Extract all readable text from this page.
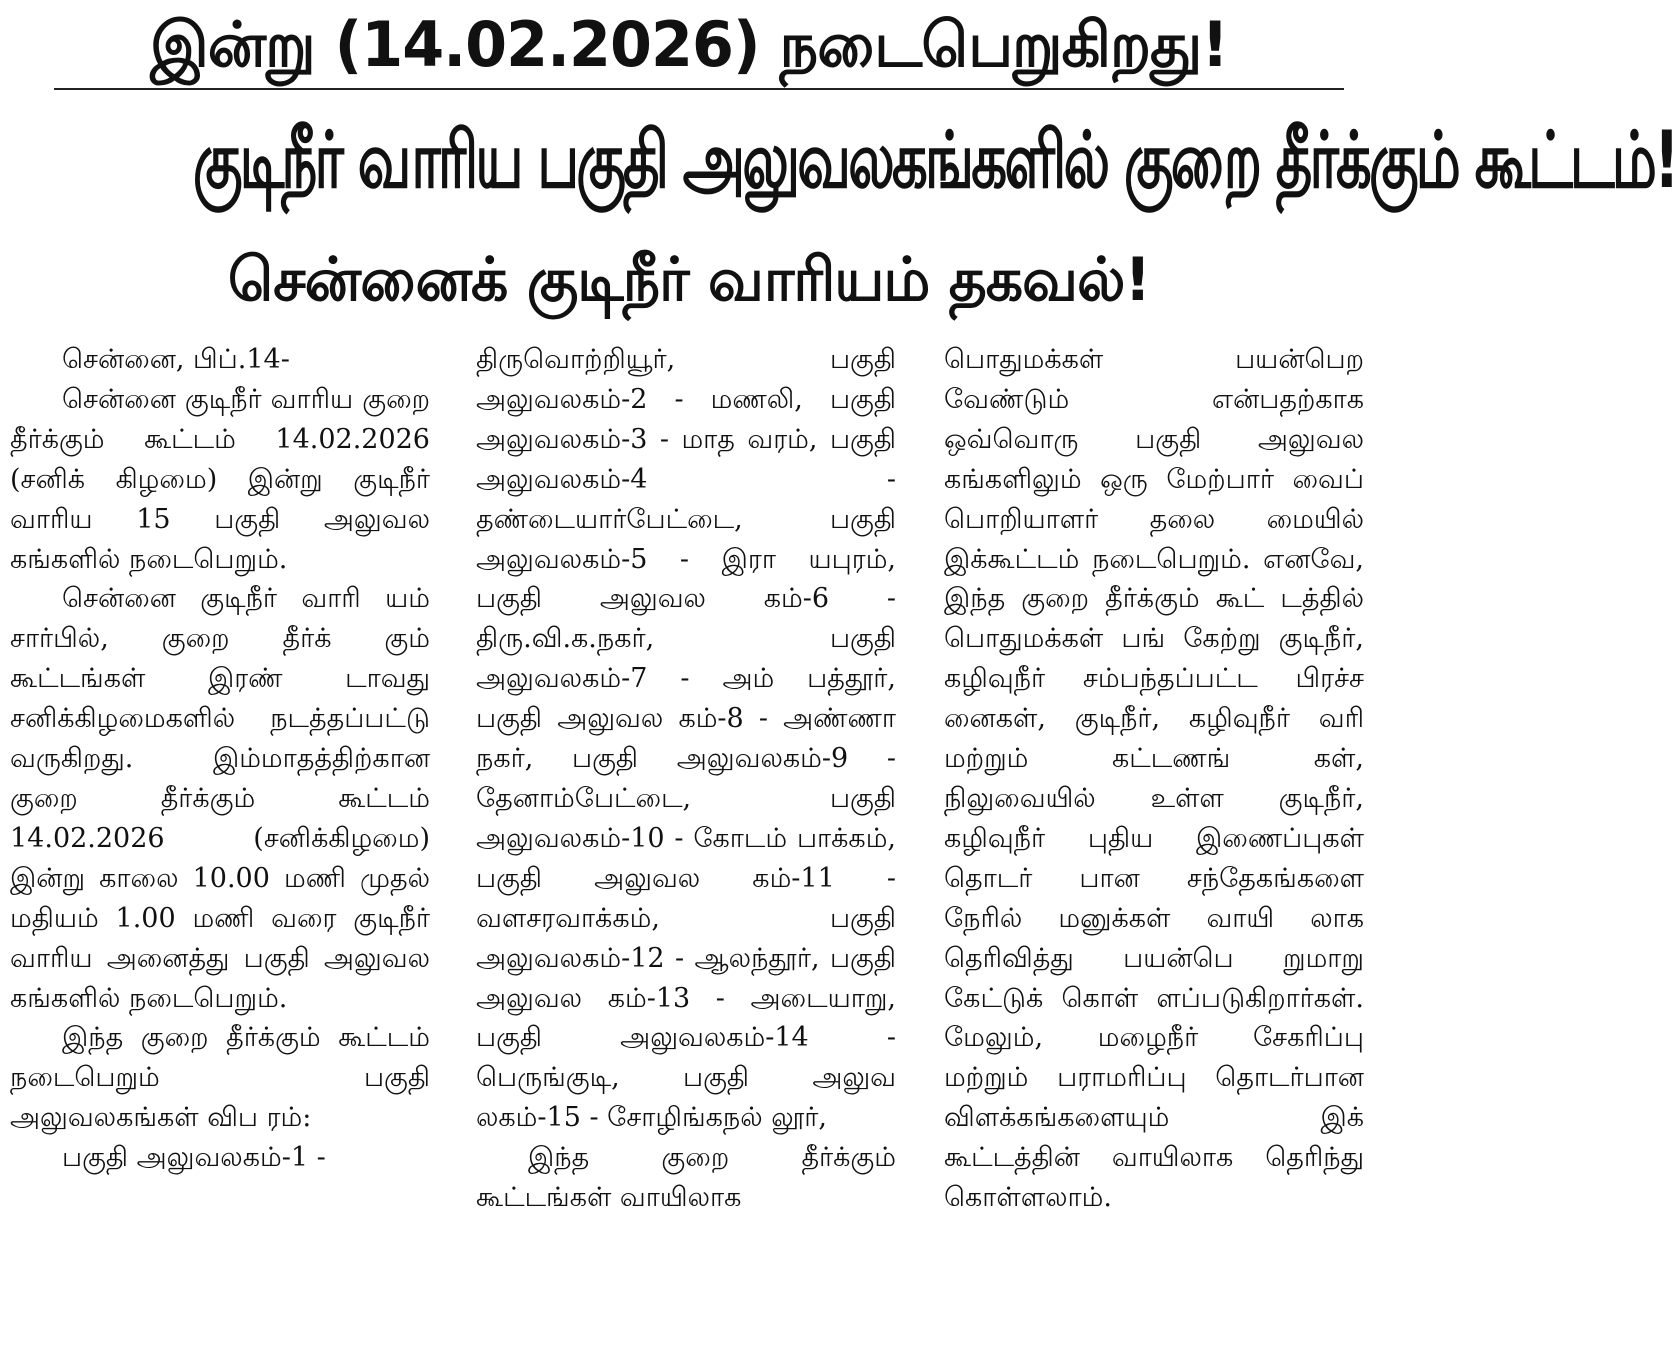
இன்று (14.02.2026) நடைபெறுகிறது!
குடிநீர் வாரிய பகுதி அலுவலகங்களில் குறை தீர்க்கும் கூட்டம்!
சென்னைக் குடிநீர் வாரியம் தகவல்!

சென்னை, பிப்.14-

சென்னை குடிநீர் வாரிய குறை தீர்க்கும் கூட்டம் 14.02.2026 (சனிக் கிழமை) இன்று குடிநீர் வாரிய 15 பகுதி அலுவல கங்களில் நடைபெறும்.

சென்னை குடிநீர் வாரி யம் சார்பில், குறை தீர்க் கும் கூட்டங்கள் இரண் டாவது சனிக்கிழமைகளில் நடத்தப்பட்டு வருகிறது. இம்மாதத்திற்கான குறை தீர்க்கும் கூட்டம் 14.02.2026 (சனிக்கிழமை) இன்று காலை 10.00 மணி முதல் மதியம் 1.00 மணி வரை குடிநீர் வாரிய அனைத்து பகுதி அலுவல கங்களில் நடைபெறும்.

இந்த குறை தீர்க்கும் கூட்டம் நடைபெறும் பகுதி அலுவலகங்கள் விப ரம்:

பகுதி அலுவலகம்-1 -

திருவொற்றியூர், பகுதி அலுவலகம்-2 - மணலி, பகுதி அலுவலகம்-3 - மாத வரம், பகுதி அலுவலகம்-4 - தண்டையார்பேட்டை, பகுதி அலுவலகம்-5 - இரா யபுரம், பகுதி அலுவல கம்-6 - திரு.வி.க.நகர், பகுதி அலுவலகம்-7 - அம் பத்தூர், பகுதி அலுவல கம்-8 - அண்ணா நகர், பகுதி அலுவலகம்-9 - தேனாம்பேட்டை, பகுதி அலுவலகம்-10 - கோடம் பாக்கம், பகுதி அலுவல கம்-11 - வளசரவாக்கம், பகுதி அலுவலகம்-12 - ஆலந்தூர், பகுதி அலுவல கம்-13 - அடையாறு, பகுதி அலுவலகம்-14 - பெருங்குடி, பகுதி அலுவ லகம்-15 - சோழிங்கநல் லூர்,

இந்த குறை தீர்க்கும் கூட்டங்கள் வாயிலாக

பொதுமக்கள் பயன்பெற வேண்டும் என்பதற்காக ஒவ்வொரு பகுதி அலுவல கங்களிலும் ஒரு மேற்பார் வைப் பொறியாளர் தலை மையில் இக்கூட்டம் நடைபெறும். எனவே, இந்த குறை தீர்க்கும் கூட் டத்தில் பொதுமக்கள் பங் கேற்று குடிநீர், கழிவுநீர் சம்பந்தப்பட்ட பிரச்ச னைகள், குடிநீர், கழிவுநீர் வரி மற்றும் கட்டணங் கள், நிலுவையில் உள்ள குடிநீர், கழிவுநீர் புதிய இணைப்புகள் தொடர் பான சந்தேகங்களை நேரில் மனுக்கள் வாயி லாக தெரிவித்து பயன்பெ றுமாறு கேட்டுக் கொள் ளப்படுகிறார்கள். மேலும், மழைநீர் சேகரிப்பு மற்றும் பராமரிப்பு தொடர்பான விளக்கங்களையும் இக் கூட்டத்தின் வாயிலாக தெரிந்து கொள்ளலாம்.
